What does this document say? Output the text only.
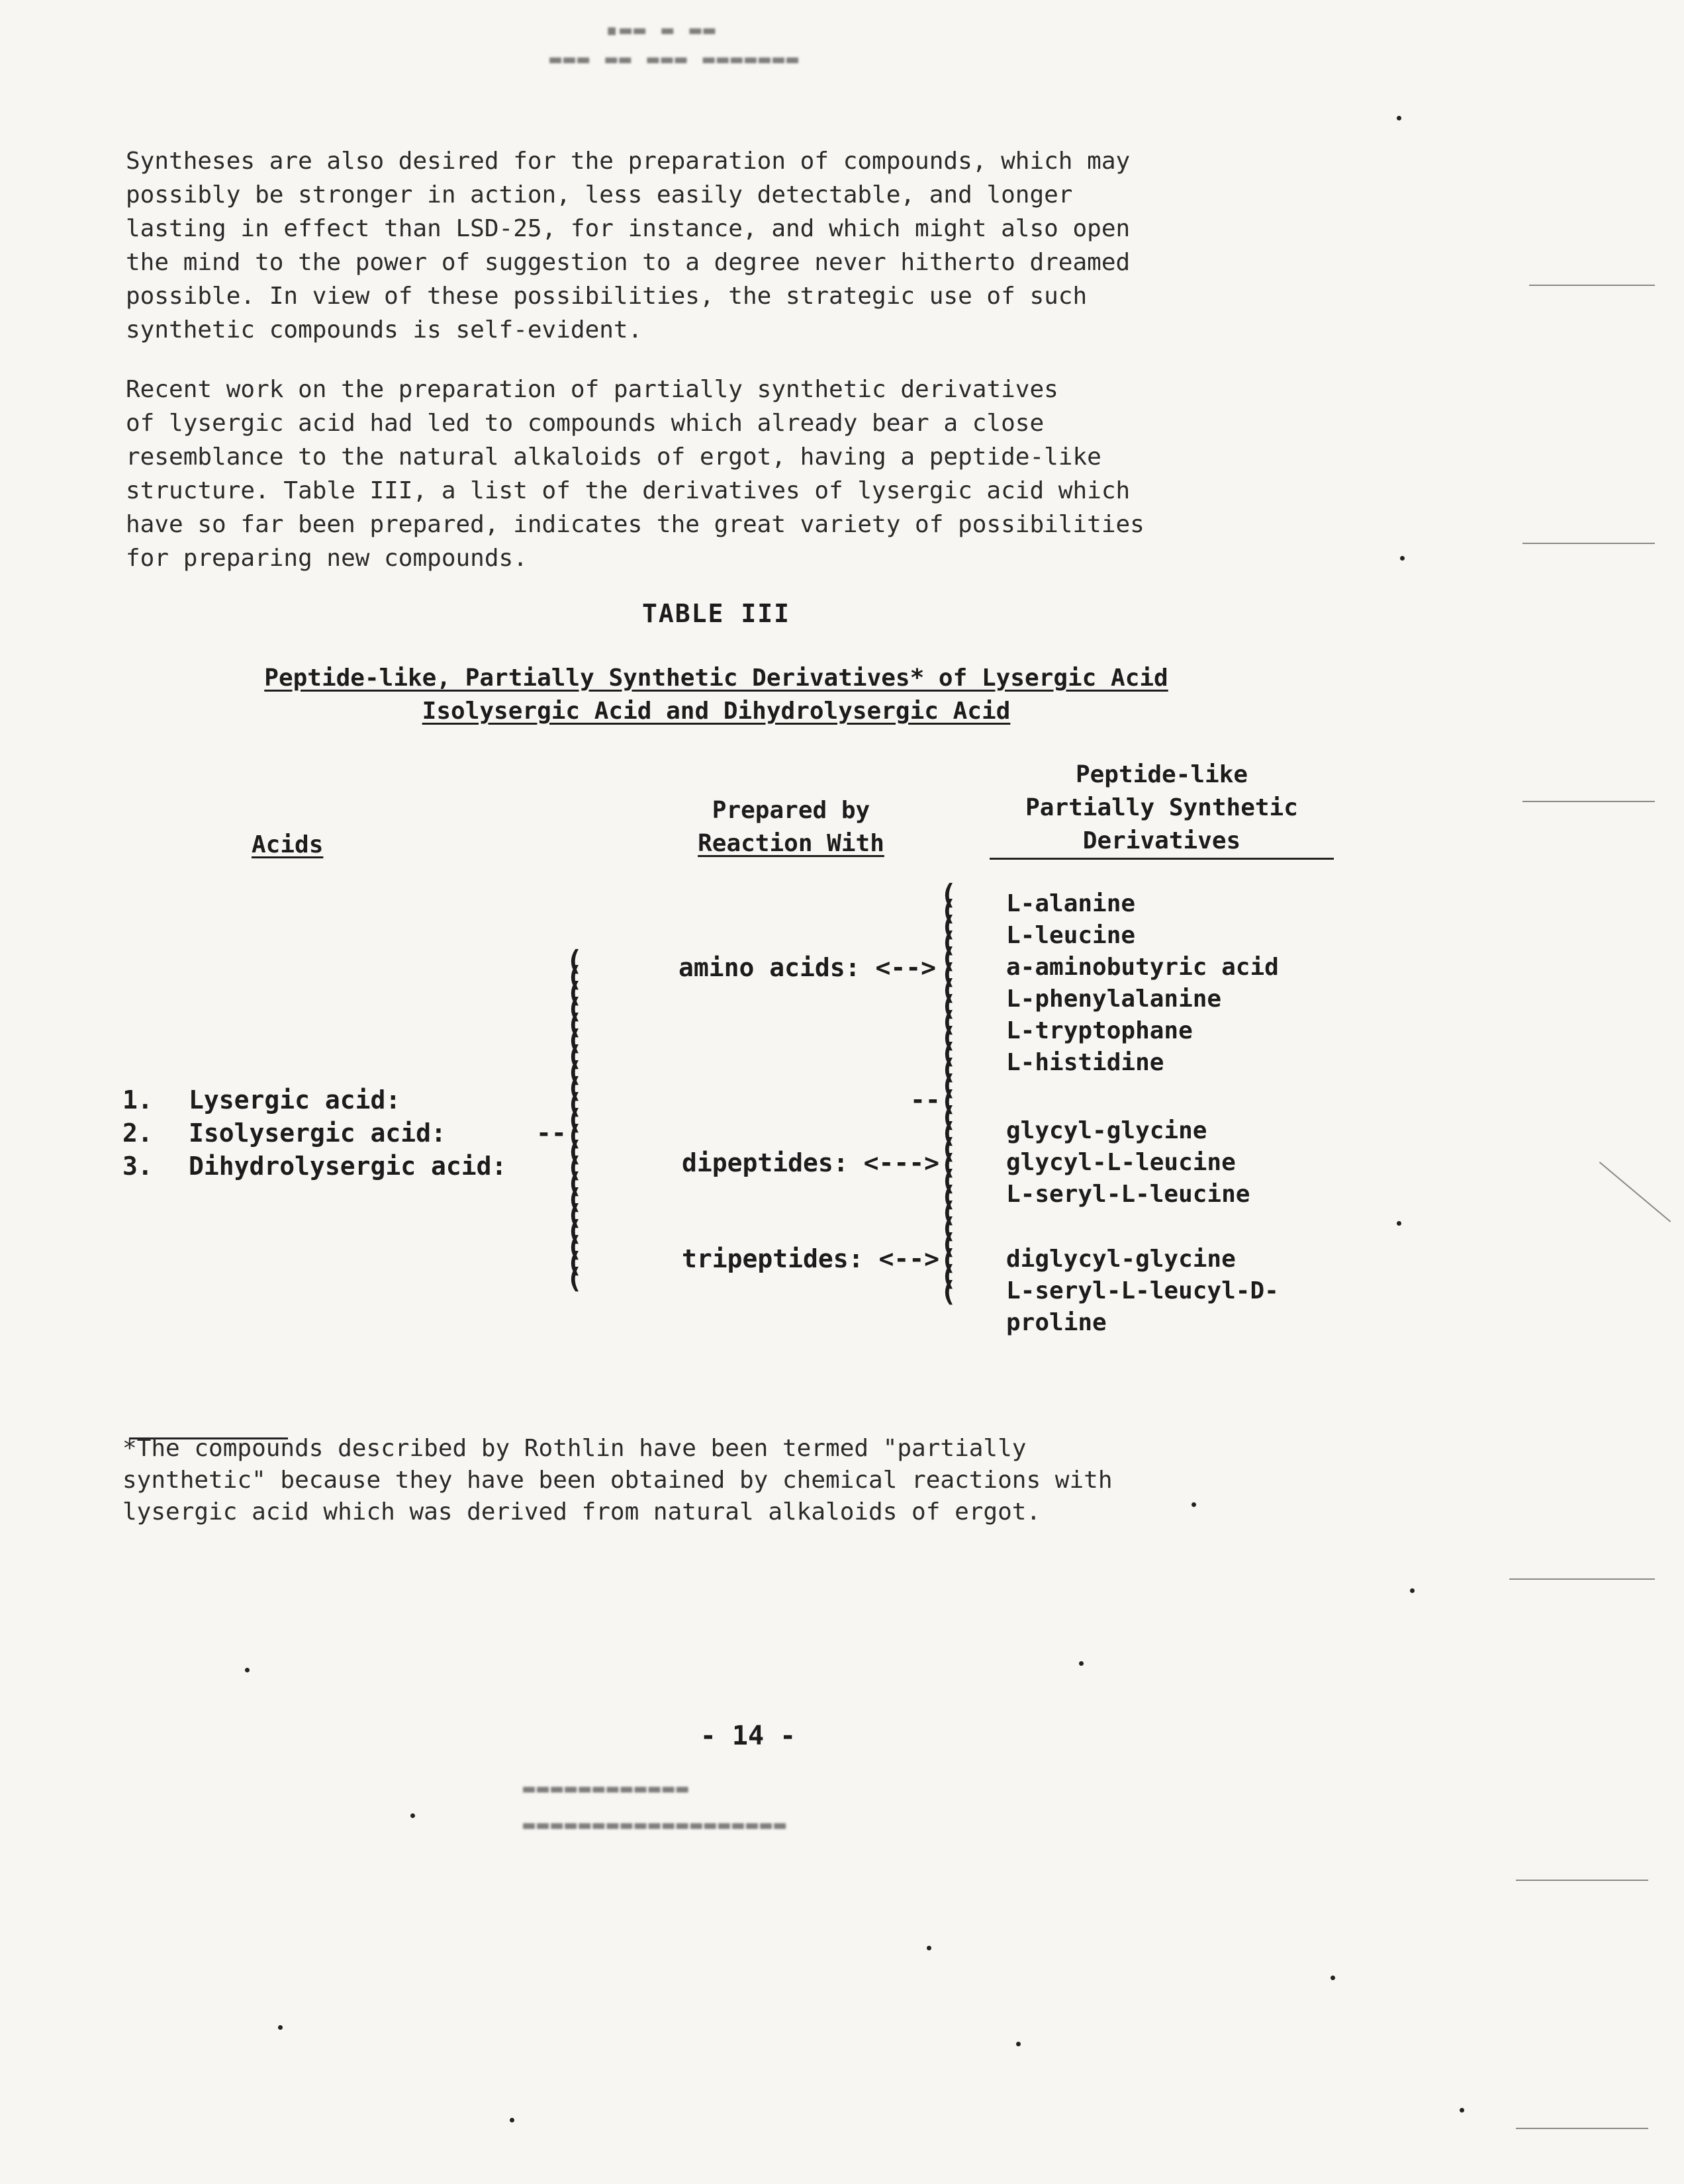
▪▬▬ ▬ ▬▬
▬▬▬ ▬▬ ▬▬▬ ▬▬▬▬▬▬▬

Syntheses are also desired for the preparation of compounds, which may
possibly be stronger in action, less easily detectable, and longer
lasting in effect than LSD-25, for instance, and which might also open
the mind to the power of suggestion to a degree never hitherto dreamed
possible. In view of these possibilities, the strategic use of such
synthetic compounds is self-evident.

Recent work on the preparation of partially synthetic derivatives
of lysergic acid had led to compounds which already bear a close
resemblance to the natural alkaloids of ergot, having a peptide-like
structure. Table III, a list of the derivatives of lysergic acid which
have so far been prepared, indicates the great variety of possibilities
for preparing new compounds.

TABLE III
Peptide-like, Partially Synthetic Derivatives* of Lysergic Acid
Isolysergic Acid and Dihydrolysergic Acid
Acids
Prepared by
Reaction With
Peptide-like
Partially Synthetic
Derivatives
1. Lysergic acid:
2. Isolysergic acid:
3. Dihydrolysergic acid:
--
--
(
(
(
(
(
(
(
(
(
(
(
(
(
(
(
(
(
(
(
(
(
(
(
(
(
(
(
(
(
(
(
(
(
(
(
(
(
(
(
(
(
(
(
(
(
(
(
amino acids: <-->
dipeptides: <--->
tripeptides: <-->
L-alanine
L-leucine
a-aminobutyric acid
L-phenylalanine
L-tryptophane
L-histidine
glycyl-glycine
glycyl-L-leucine
L-seryl-L-leucine
diglycyl-glycine
L-seryl-L-leucyl-D-
proline

*The compounds described by Rothlin have been termed "partially
synthetic" because they have been obtained by chemical reactions with
lysergic acid which was derived from natural alkaloids of ergot.

- 14 -
▬▬▬▬▬▬▬▬▬▬▬▬
▬▬▬▬▬▬▬▬▬▬▬▬▬▬▬▬▬▬▬
